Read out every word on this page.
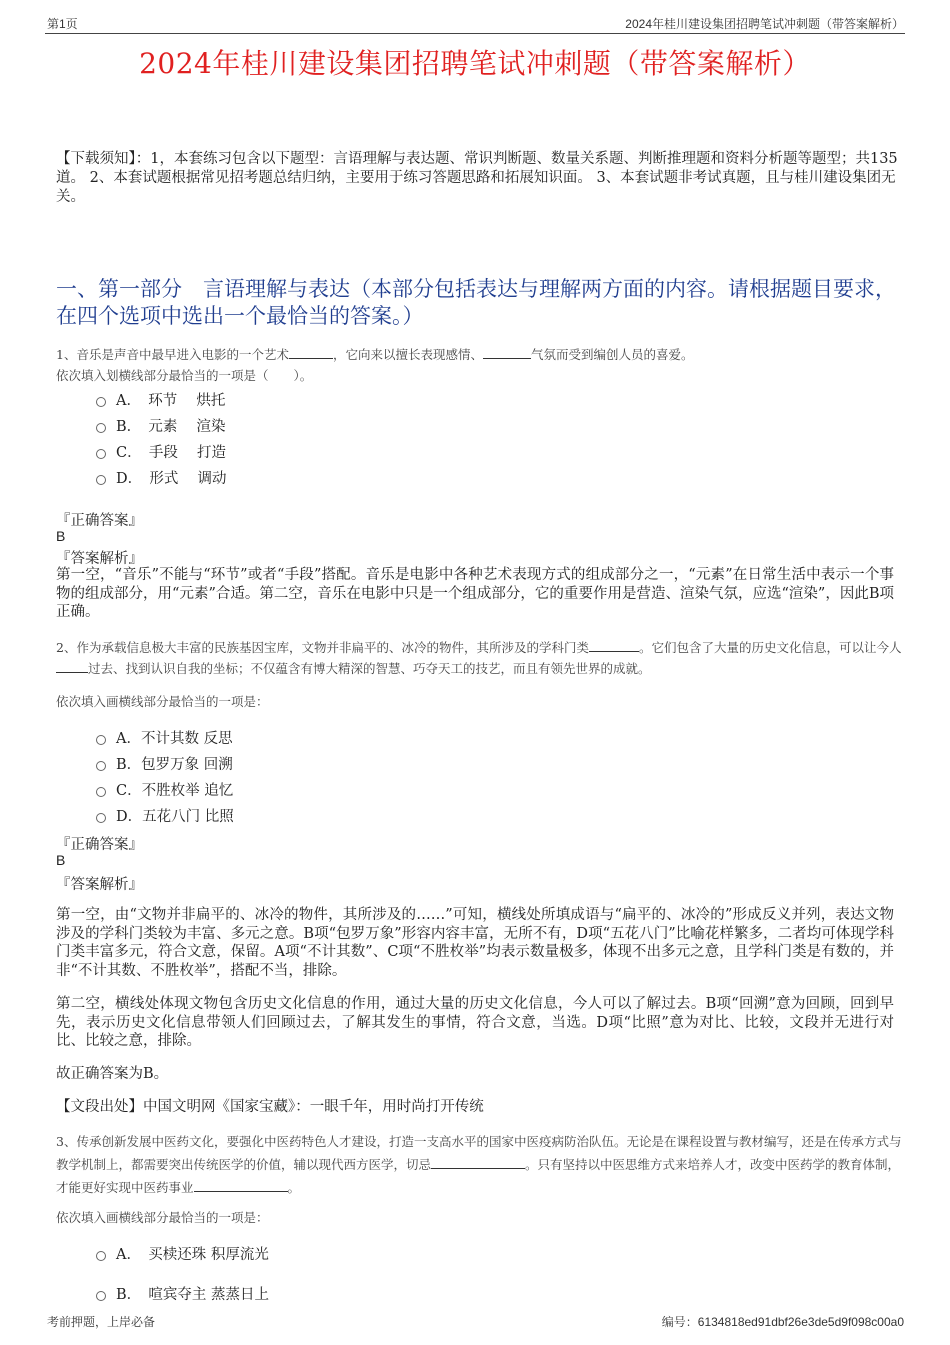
第1页	2024年桂川建设集团招聘笔试冲刺题（带答案解析）
2024年桂川建设集团招聘笔试冲刺题（带答案解析）
【下载须知】：1，本套练习包含以下题型：言语理解与表达题、常识判断题、数量关系题、判断推理题和资料分析题等题型；共135道。 2、本套试题根据常见招考题总结归纳，主要用于练习答题思路和拓展知识面。 3、本套试题非考试真题，且与桂川建设集团无关。
一、第一部分　言语理解与表达（本部分包括表达与理解两方面的内容。请根据题目要求，在四个选项中选出一个最恰当的答案。）
1、音乐是声音中最早进入电影的一个艺术	，它向来以擅长表现感情、	气氛而受到编创人员的喜爱。
依次填入划横线部分最恰当的一项是（　　）。
A．　环节　 烘托
B．　元素　 渲染
C．　手段　 打造
D．　形式　 调动
『正确答案』
B
『答案解析』
第一空，“音乐”不能与“环节”或者“手段”搭配。音乐是电影中各种艺术表现方式的组成部分之一，“元素”在日常生活中表示一个事物的组成部分，用“元素”合适。第二空，音乐在电影中只是一个组成部分，它的重要作用是营造、渲染气氛，应选“渲染”，因此B项正确。
2、作为承载信息极大丰富的民族基因宝库，文物并非扁平的、冰冷的物件，其所涉及的学科门类	。它们包含了大量的历史文化信息，可以让今人过去、找到认识自我的坐标；不仅蕴含有博大精深的智慧、巧夺天工的技艺，而且有领先世界的成就。
依次填入画横线部分最恰当的一项是：
A．不计其数 反思
B．包罗万象 回溯
C．不胜枚举 追忆
D．五花八门 比照
『正确答案』
B
『答案解析』
第一空，由“文物并非扁平的、冰冷的物件，其所涉及的……”可知，横线处所填成语与“扁平的、冰冷的”形成反义并列，表达文物涉及的学科门类较为丰富、多元之意。B项“包罗万象”形容内容丰富，无所不有，D项“五花八门”比喻花样繁多，二者均可体现学科门类丰富多元，符合文意，保留。A项“不计其数”、C项“不胜枚举”均表示数量极多，体现不出多元之意，且学科门类是有数的，并非“不计其数、不胜枚举”，搭配不当，排除。
第二空，横线处体现文物包含历史文化信息的作用，通过大量的历史文化信息，今人可以了解过去。B项“回溯”意为回顾，回到早先，表示历史文化信息带领人们回顾过去，了解其发生的事情，符合文意，当选。D项“比照”意为对比、比较，文段并无进行对比、比较之意，排除。
故正确答案为B。
【文段出处】中国文明网《国家宝藏》：一眼千年，用时尚打开传统
3、传承创新发展中医药文化，要强化中医药特色人才建设，打造一支高水平的国家中医疫病防治队伍。无论是在课程设置与教材编写，还是在传承方式与教学机制上，都需要突出传统医学的价值，辅以现代西方医学，切忌	。只有坚持以中医思维方式来培养人才，改变中医药学的教育体制，才能更好实现中医药事业	。
依次填入画横线部分最恰当的一项是：
A．　买椟还珠 积厚流光
B．　喧宾夺主 蒸蒸日上
考前押题，上岸必备	编号：6134818ed91dbf26e3de5d9f098c00a0
